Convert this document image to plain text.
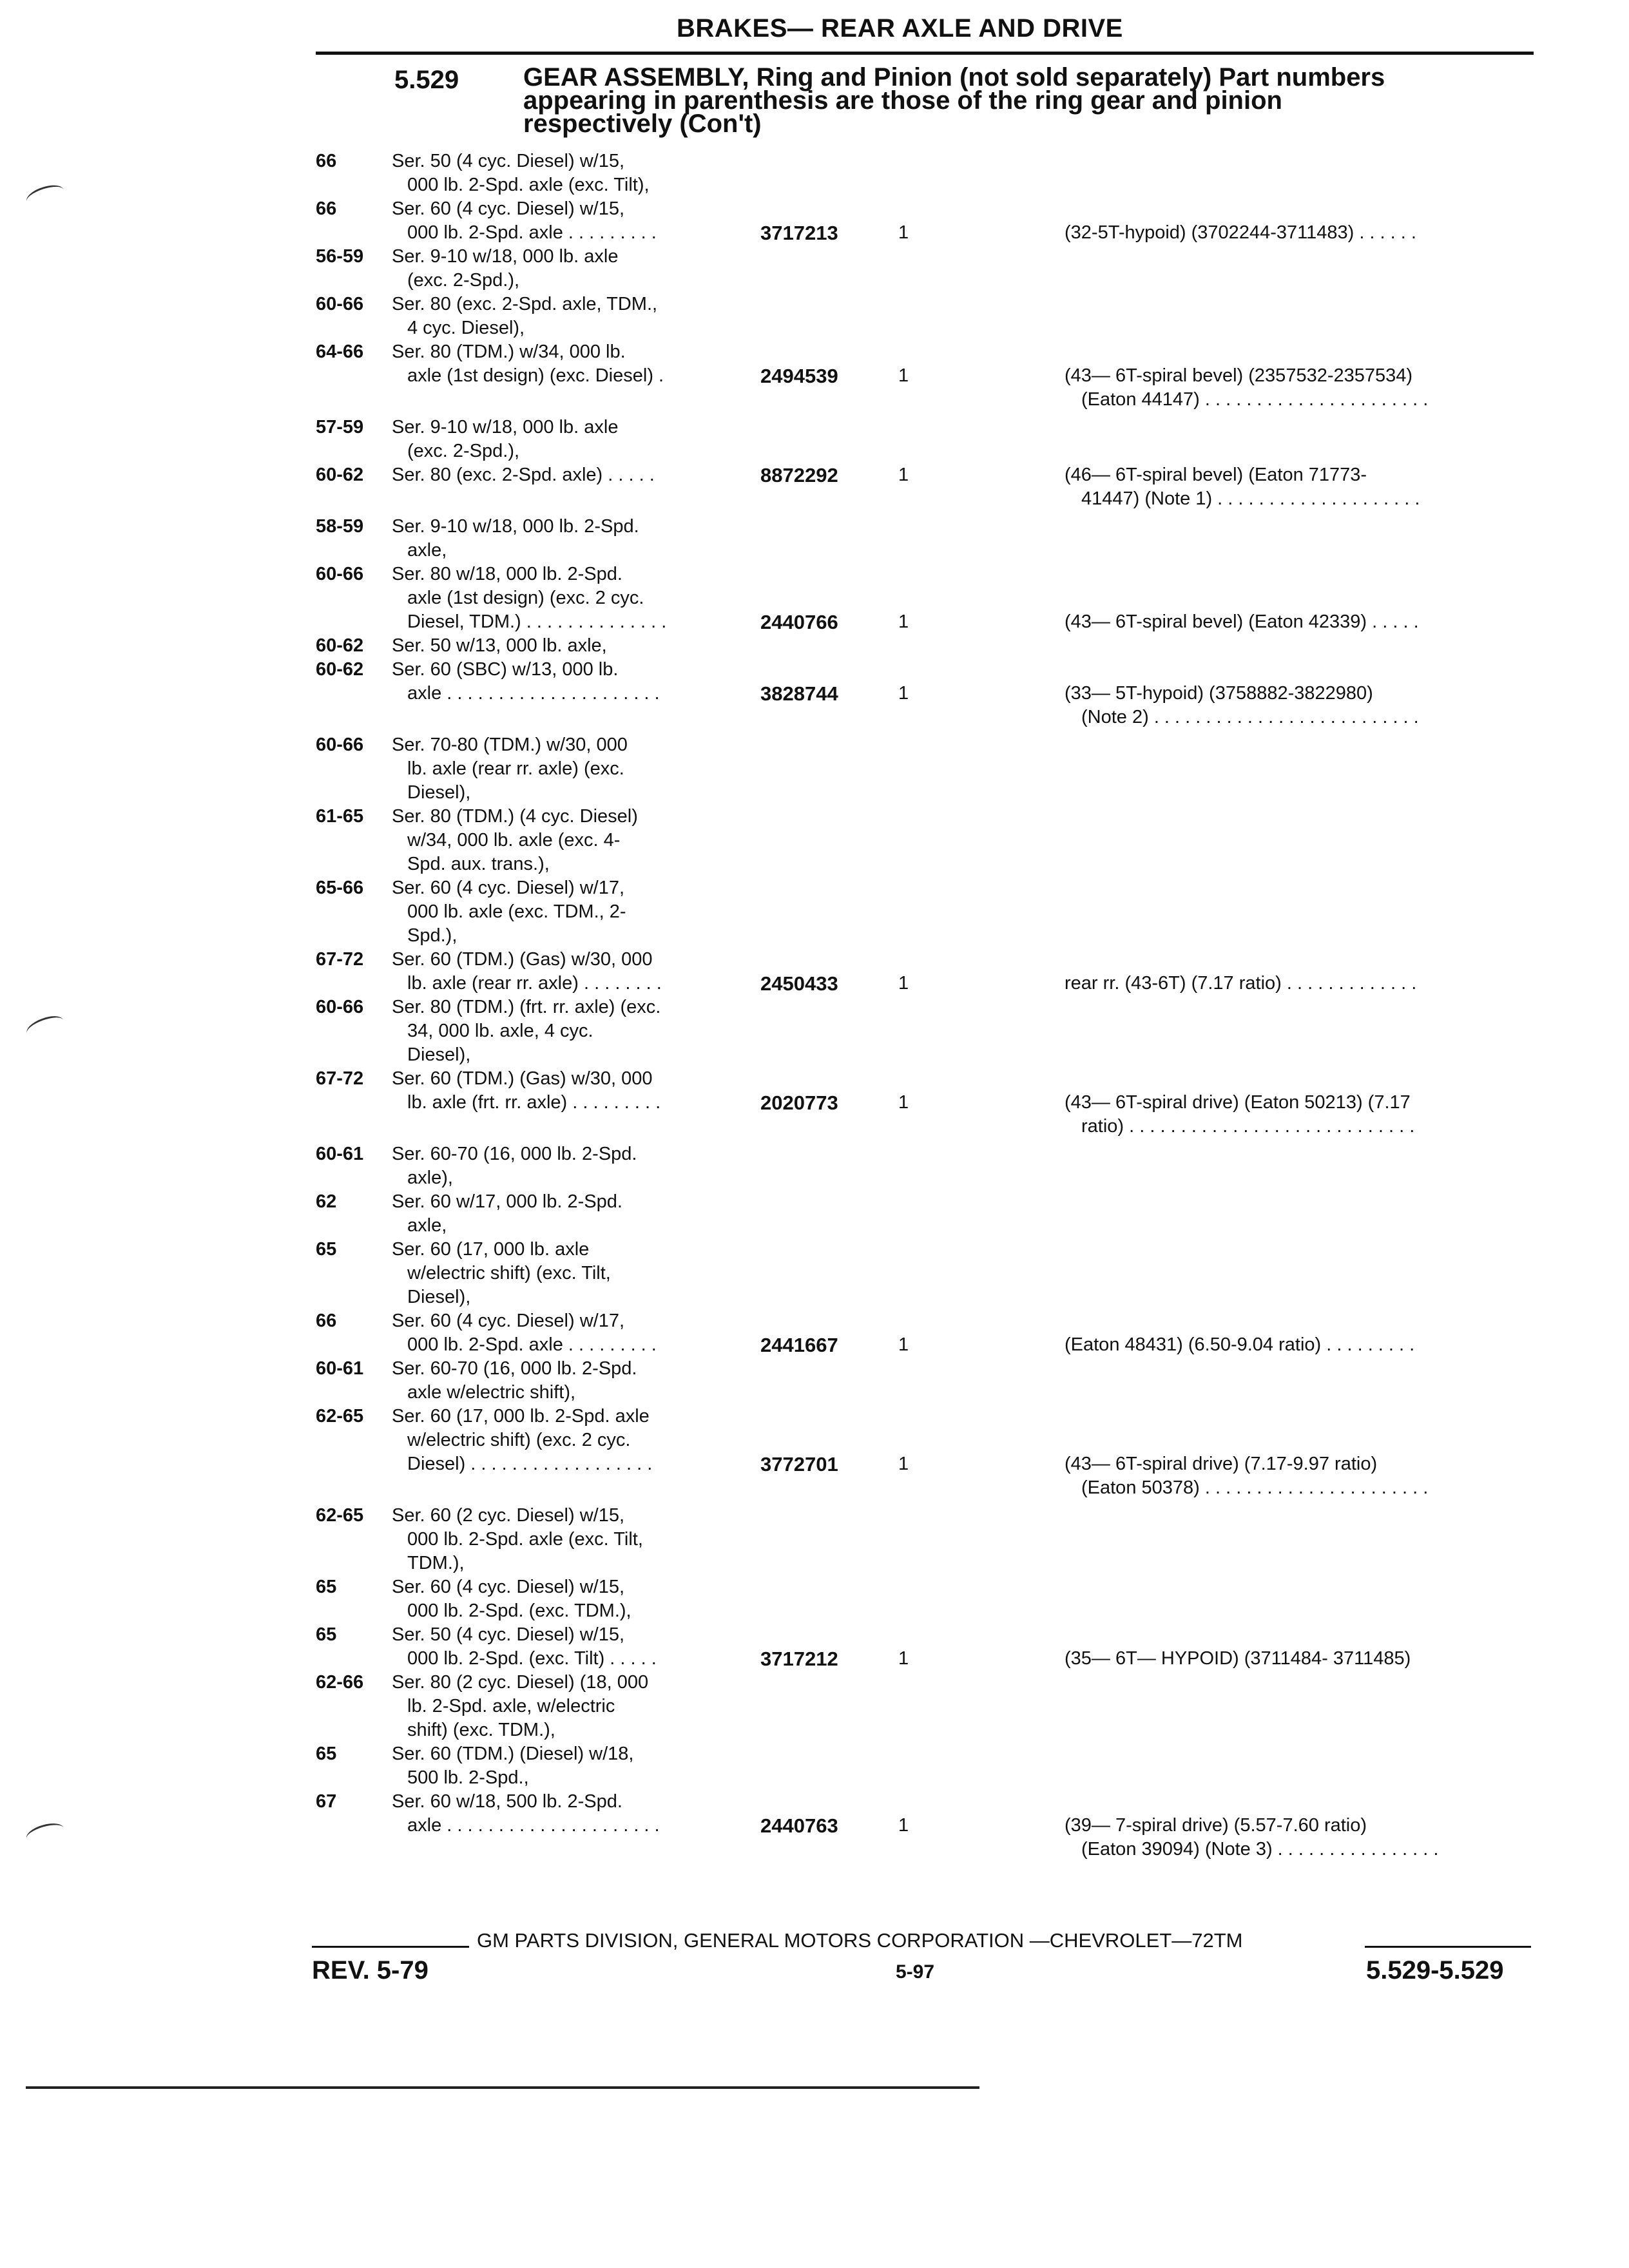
BRAKES— REAR AXLE AND DRIVE
5.529 GEAR ASSEMBLY, Ring and Pinion (not sold separately) Part numbers
appearing in parenthesis are those of the ring gear and pinion
respectively (Con't)
66	Ser. 50 (4 cyc. Diesel) w/15,
000 lb. 2-Spd. axle (exc. Tilt),
66	Ser. 60 (4 cyc. Diesel) w/15,
000 lb. 2-Spd. axle . . . . . . . . .	3717213	1	(32-5T-hypoid) (3702244-3711483) . . . . . .
56-59 Ser. 9-10 w/18, 000 lb. axle
(exc. 2-Spd.),
60-66 Ser. 80 (exc. 2-Spd. axle, TDM.,
4 cyc. Diesel),
64-66 Ser. 80 (TDM.) w/34, 000 lb.
axle (1st design) (exc. Diesel) .	2494539	1	(43— 6T-spiral bevel) (2357532-2357534)
(Eaton 44147) . . . . . . . . . . . . . . . . . . . . . .
57-59 Ser. 9-10 w/18, 000 lb. axle
(exc. 2-Spd.),
60-62 Ser. 80 (exc. 2-Spd. axle) . . . . .	8872292	1	(46— 6T-spiral bevel) (Eaton 71773-
41447) (Note 1) . . . . . . . . . . . . . . . . . . . .
58-59 Ser. 9-10 w/18, 000 lb. 2-Spd.
axle,
60-66 Ser. 80 w/18, 000 lb. 2-Spd.
axle (1st design) (exc. 2 cyc.
Diesel, TDM.) . . . . . . . . . . . . . .	2440766	1	(43— 6T-spiral bevel) (Eaton 42339) . . . . .
60-62 Ser. 50 w/13, 000 lb. axle,
60-62 Ser. 60 (SBC) w/13, 000 lb.
axle . . . . . . . . . . . . . . . . . . . . .	3828744	1	(33— 5T-hypoid) (3758882-3822980)
(Note 2) . . . . . . . . . . . . . . . . . . . . . . . . . .
60-66 Ser. 70-80 (TDM.) w/30, 000
lb. axle (rear rr. axle) (exc.
Diesel),
61-65 Ser. 80 (TDM.) (4 cyc. Diesel)
w/34, 000 lb. axle (exc. 4-
Spd. aux. trans.),
65-66 Ser. 60 (4 cyc. Diesel) w/17,
000 lb. axle (exc. TDM., 2-
Spd.),
67-72 Ser. 60 (TDM.) (Gas) w/30, 000
lb. axle (rear rr. axle) . . . . . . . .	2450433	1	rear rr. (43-6T) (7.17 ratio) . . . . . . . . . . . . .
60-66 Ser. 80 (TDM.) (frt. rr. axle) (exc.
34, 000 lb. axle, 4 cyc.
Diesel),
67-72 Ser. 60 (TDM.) (Gas) w/30, 000
lb. axle (frt. rr. axle) . . . . . . . . .	2020773	1	(43— 6T-spiral drive) (Eaton 50213) (7.17
ratio) . . . . . . . . . . . . . . . . . . . . . . . . . . . .
60-61 Ser. 60-70 (16, 000 lb. 2-Spd.
axle),
62	Ser. 60 w/17, 000 lb. 2-Spd.
axle,
65	Ser. 60 (17, 000 lb. axle
w/electric shift) (exc. Tilt,
Diesel),
66	Ser. 60 (4 cyc. Diesel) w/17,
000 lb. 2-Spd. axle . . . . . . . . .	2441667	1	(Eaton 48431) (6.50-9.04 ratio) . . . . . . . . .
60-61 Ser. 60-70 (16, 000 lb. 2-Spd.
axle w/electric shift),
62-65 Ser. 60 (17, 000 lb. 2-Spd. axle
w/electric shift) (exc. 2 cyc.
Diesel) . . . . . . . . . . . . . . . . . .	3772701	1	(43— 6T-spiral drive) (7.17-9.97 ratio)
(Eaton 50378) . . . . . . . . . . . . . . . . . . . . . .
62-65 Ser. 60 (2 cyc. Diesel) w/15,
000 lb. 2-Spd. axle (exc. Tilt,
TDM.),
65	Ser. 60 (4 cyc. Diesel) w/15,
000 lb. 2-Spd. (exc. TDM.),
65	Ser. 50 (4 cyc. Diesel) w/15,
000 lb. 2-Spd. (exc. Tilt) . . . . .	3717212	1	(35— 6T— HYPOID) (3711484- 3711485)
62-66 Ser. 80 (2 cyc. Diesel) (18, 000
lb. 2-Spd. axle, w/electric
shift) (exc. TDM.),
65	Ser. 60 (TDM.) (Diesel) w/18,
500 lb. 2-Spd.,
67	Ser. 60 w/18, 500 lb. 2-Spd.
axle . . . . . . . . . . . . . . . . . . . . .	2440763	1	(39— 7-spiral drive) (5.57-7.60 ratio)
(Eaton 39094) (Note 3) . . . . . . . . . . . . . . . .
GM PARTS DIVISION, GENERAL MOTORS CORPORATION —CHEVROLET—72TM
REV. 5-79	5-97	5.529-5.529
